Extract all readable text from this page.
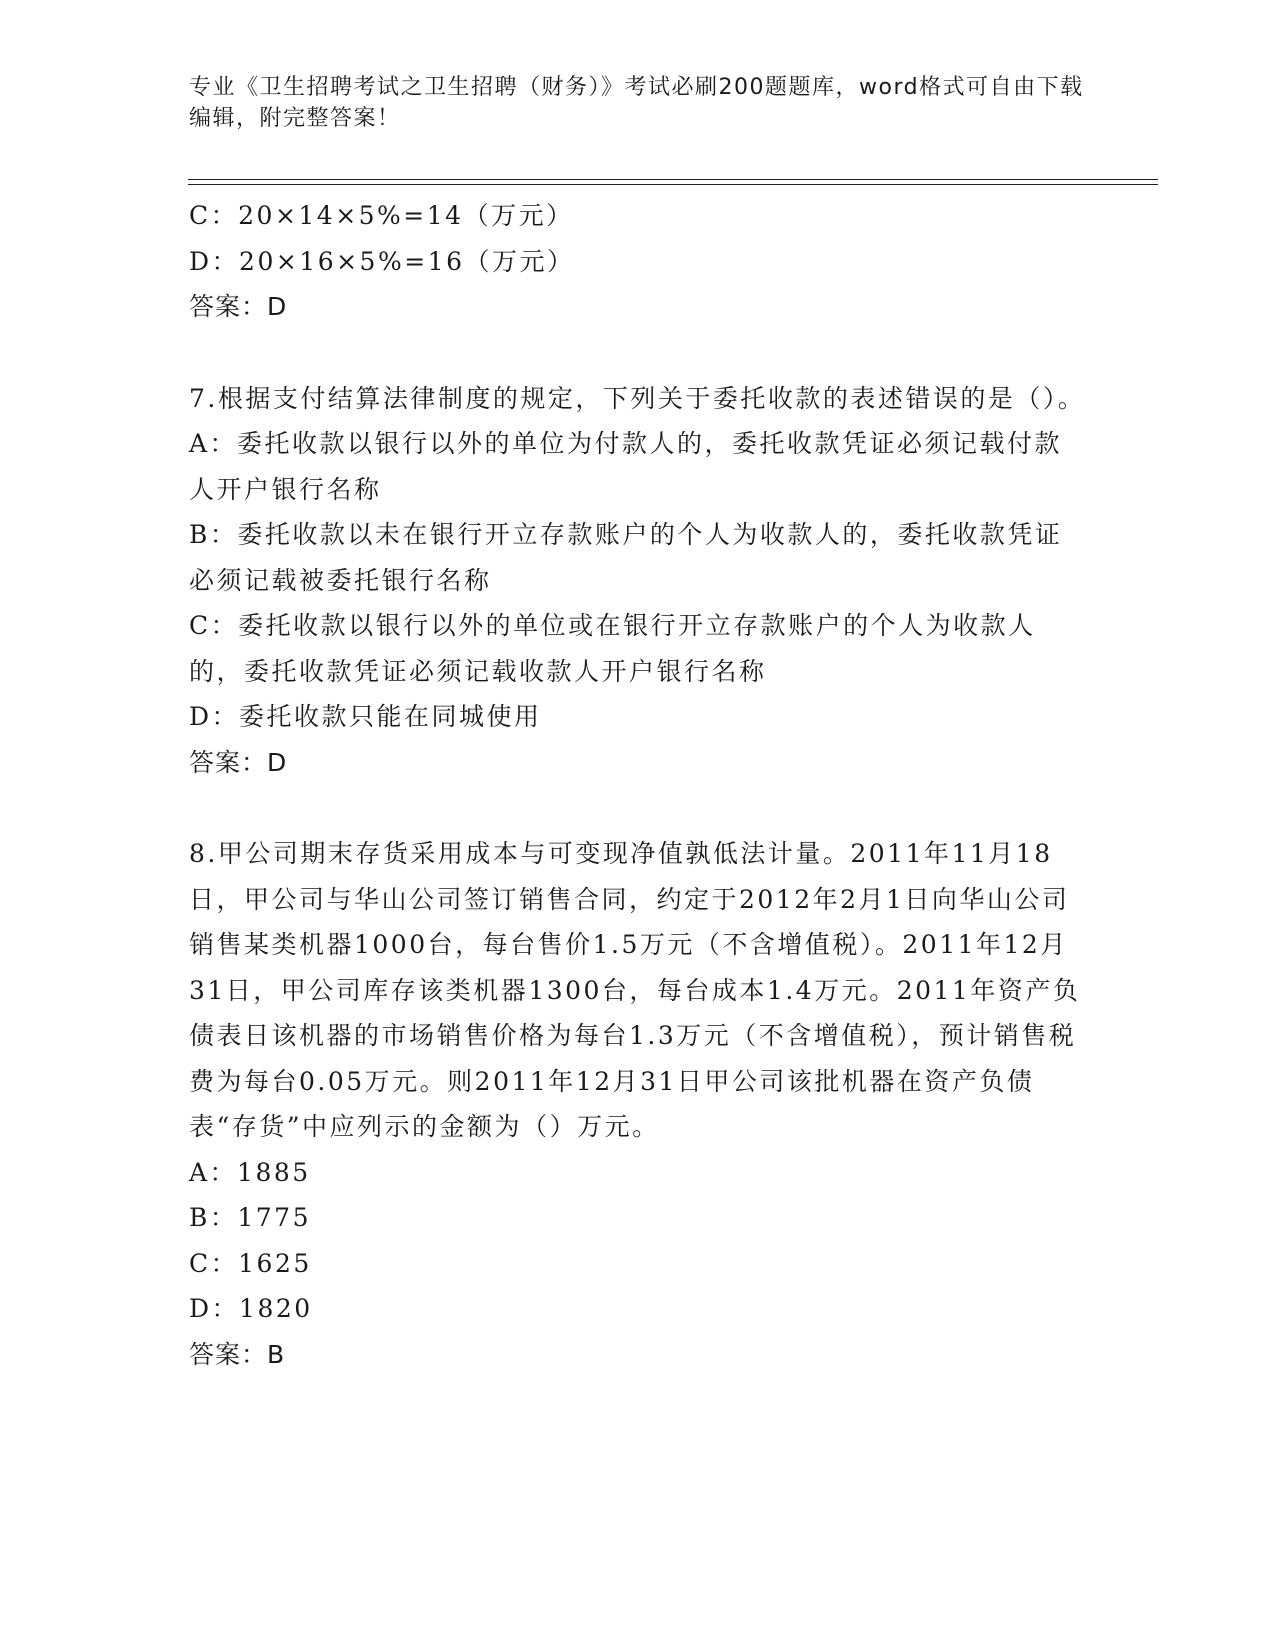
专业《卫生招聘考试之卫生招聘（财务）》考试必刷200题题库，word格式可自由下载编辑，附完整答案！

C：20×14×5%=14（万元）

D：20×16×5%=16（万元）

答案：D

7.根据支付结算法律制度的规定，下列关于委托收款的表述错误的是（）。

A：委托收款以银行以外的单位为付款人的，委托收款凭证必须记载付款人开户银行名称

B：委托收款以未在银行开立存款账户的个人为收款人的，委托收款凭证必须记载被委托银行名称

C：委托收款以银行以外的单位或在银行开立存款账户的个人为收款人的，委托收款凭证必须记载收款人开户银行名称

D：委托收款只能在同城使用

答案：D

8.甲公司期末存货采用成本与可变现净值孰低法计量。2011年11月18日，甲公司与华山公司签订销售合同，约定于2012年2月1日向华山公司销售某类机器1000台，每台售价1.5万元（不含增值税）。2011年12月31日，甲公司库存该类机器1300台，每台成本1.4万元。2011年资产负债表日该机器的市场销售价格为每台1.3万元（不含增值税），预计销售税费为每台0.05万元。则2011年12月31日甲公司该批机器在资产负债表“存货”中应列示的金额为（）万元。

A：1885

B：1775

C：1625

D：1820

答案：B
